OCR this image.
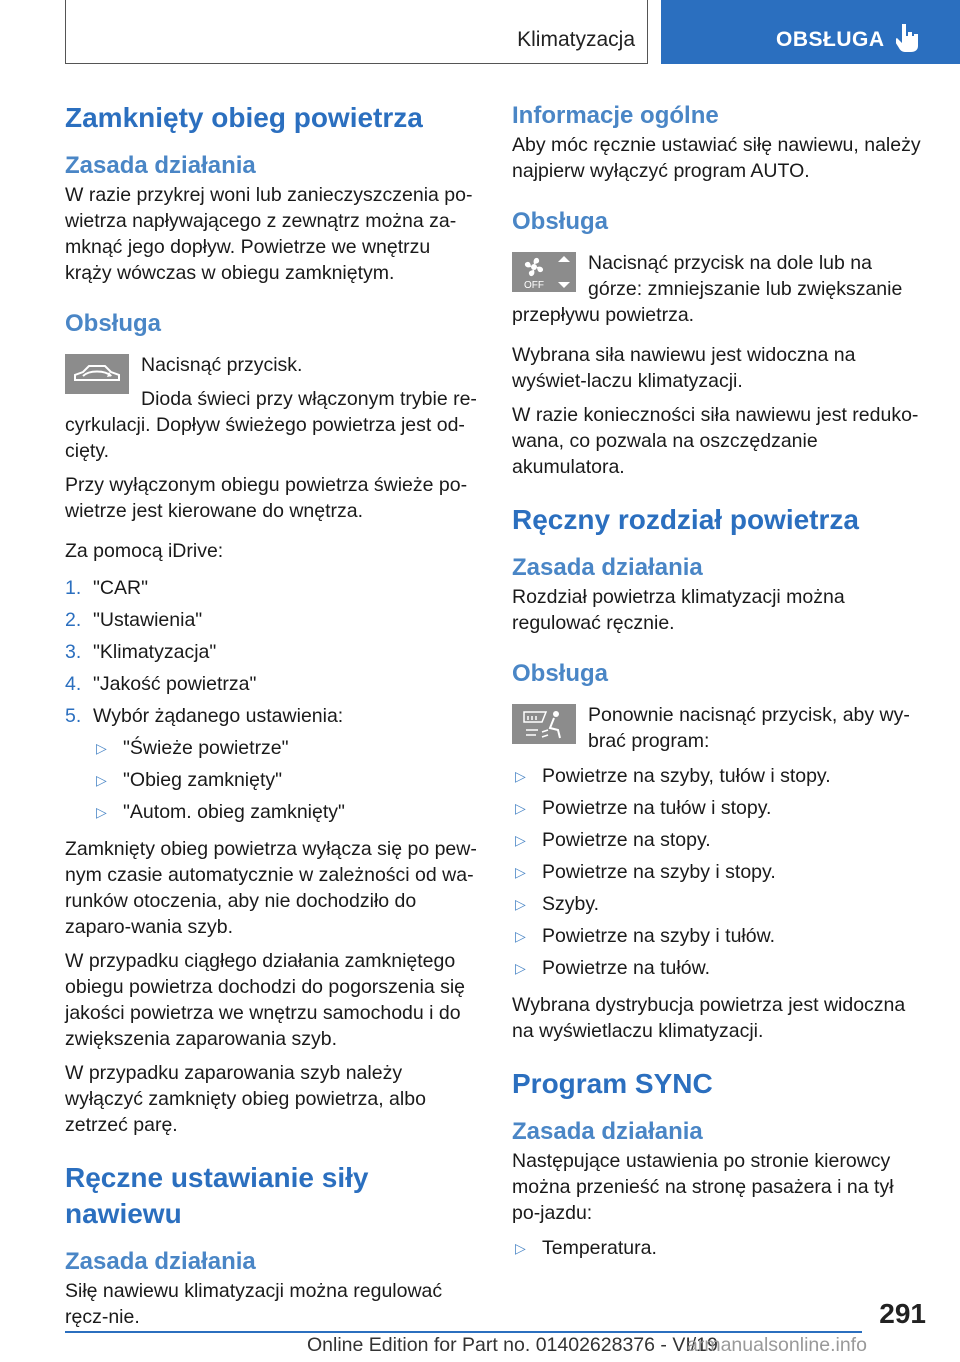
Klimatyzacja	OBSŁUGA
Zamknięty obieg powietrza
Zasada działania

W razie przykrej woni lub zanieczyszczenia po-wietrza napływającego z zewnątrz można za-mknąć jego dopływ. Powietrze we wnętrzu krąży wówczas w obiegu zamkniętym.

Obsługa

Nacisnąć przycisk.

Dioda świeci przy włączonym trybie re-cyrkulacji. Dopływ świeżego powietrza jest od-cięty.

Przy wyłączonym obiegu powietrza świeże po-wietrze jest kierowane do wnętrza.

Za pomocą iDrive:

1. "CAR"
2. "Ustawienia"
3. "Klimatyzacja"
4. "Jakość powietrza"
5. Wybór żądanego ustawienia:
▷ "Świeże powietrze"
▷ "Obieg zamknięty"
▷ "Autom. obieg zamknięty"

Zamknięty obieg powietrza wyłącza się po pew-nym czasie automatycznie w zależności od wa-runków otoczenia, aby nie dochodziło do zaparo-wania szyb.

W przypadku ciągłego działania zamkniętego obiegu powietrza dochodzi do pogorszenia się jakości powietrza we wnętrzu samochodu i do zwiększenia zaparowania szyb.

W przypadku zaparowania szyb należy wyłączyć zamknięty obieg powietrza, albo zetrzeć parę.

Ręczne ustawianie siły nawiewu
Zasada działania

Siłę nawiewu klimatyzacji można regulować ręcz-nie.

Informacje ogólne

Aby móc ręcznie ustawiać siłę nawiewu, należy najpierw wyłączyć program AUTO.

Obsługa
OFF

Nacisnąć przycisk na dole lub na górze: zmniejszanie lub zwiększanie przepływu powietrza.

Wybrana siła nawiewu jest widoczna na wyświet-laczu klimatyzacji.

W razie konieczności siła nawiewu jest reduko-wana, co pozwala na oszczędzanie akumulatora.

Ręczny rozdział powietrza
Zasada działania

Rozdział powietrza klimatyzacji można regulować ręcznie.

Obsługa

Ponownie nacisnąć przycisk, aby wy-brać program:

▷ Powietrze na szyby, tułów i stopy.
▷ Powietrze na tułów i stopy.
▷ Powietrze na stopy.
▷ Powietrze na szyby i stopy.
▷ Szyby.
▷ Powietrze na szyby i tułów.
▷ Powietrze na tułów.

Wybrana dystrybucja powietrza jest widoczna na wyświetlaczu klimatyzacji.

Program SYNC
Zasada działania

Następujące ustawienia po stronie kierowcy można przenieść na stronę pasażera i na tył po-jazdu:

▷ Temperatura.
291
Online Edition for Part no. 01402628376 - VI/19
armanualsonline.info
